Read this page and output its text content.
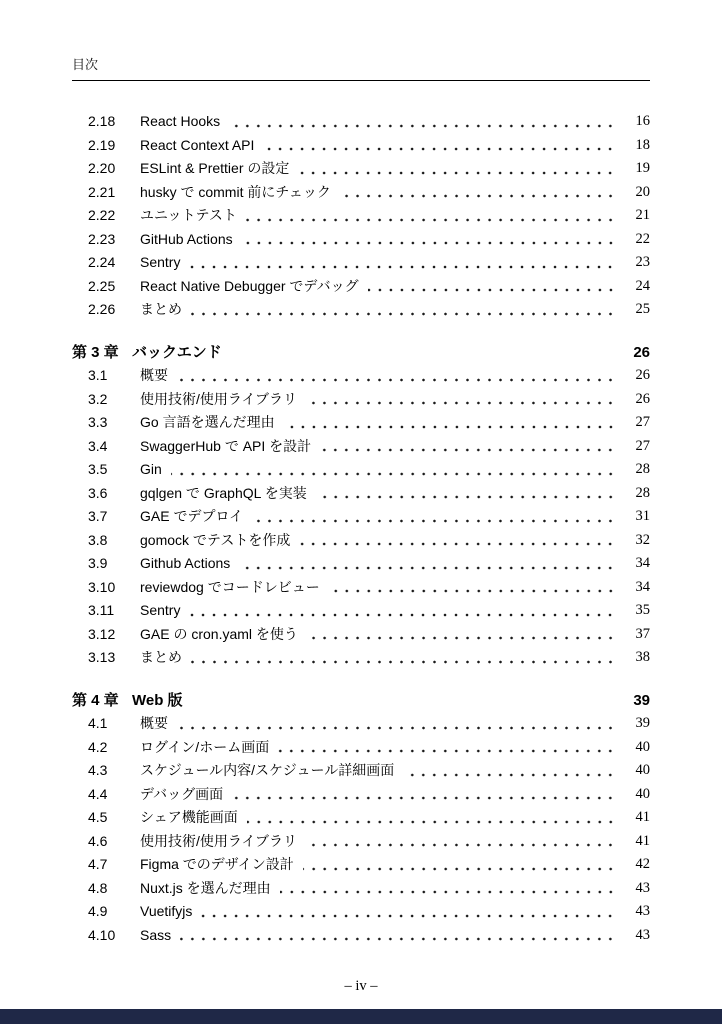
目次
2.18	React Hooks	16
2.19	React Context API	18
2.20	ESLint & Prettier の設定	19
2.21	husky で commit 前にチェック	20
2.22	ユニットテスト	21
2.23	GitHub Actions	22
2.24	Sentry	23
2.25	React Native Debugger でデバッグ	24
2.26	まとめ	25
第 3 章 バックエンド	26
3.1	概要	26
3.2	使用技術/使用ライブラリ	26
3.3	Go 言語を選んだ理由	27
3.4	SwaggerHub で API を設計	27
3.5	Gin	28
3.6	gqlgen で GraphQL を実装	28
3.7	GAE でデプロイ	31
3.8	gomock でテストを作成	32
3.9	Github Actions	34
3.10	reviewdog でコードレビュー	34
3.11	Sentry	35
3.12	GAE の cron.yaml を使う	37
3.13	まとめ	38
第 4 章 Web 版	39
4.1	概要	39
4.2	ログイン/ホーム画面	40
4.3	スケジュール内容/スケジュール詳細画面	40
4.4	デバッグ画面	40
4.5	シェア機能画面	41
4.6	使用技術/使用ライブラリ	41
4.7	Figma でのデザイン設計	42
4.8	Nuxt.js を選んだ理由	43
4.9	Vuetifyjs	43
4.10	Sass	43
– iv –
